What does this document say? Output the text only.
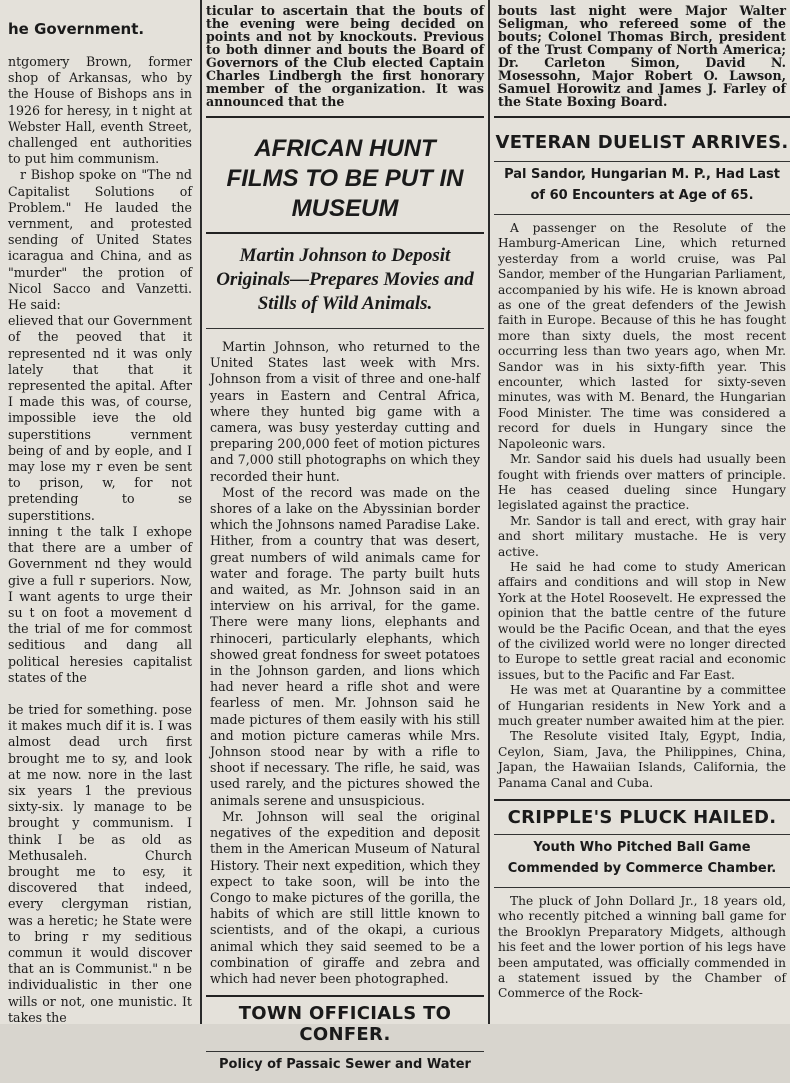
he Government.

ntgomery Brown, former shop of Arkansas, who by the House of Bishops ans in 1926 for heresy, in t night at Webster Hall, eventh Street, challenged ent authorities to put him communism.

r Bishop spoke on "The nd Capitalist Solutions of Problem." He lauded the vernment, and protested sending of United States icaragua and China, and as "murder" the protion of Nicol Sacco and Vanzetti. He said:

elieved that our Government of the peoved that it represented nd it was only lately that that it represented the apital. After I made this was, of course, impossible ieve the old superstitions vernment being of and by eople, and I may lose my r even be sent to prison, w, for not pretending to se superstitions.

inning t the talk I exhope that there are a umber of Government nd they would give a full r superiors. Now, I want agents to urge their su t on foot a movement d the trial of me for commost seditious and dang all political heresies capitalist states of the

be tried for something. pose it makes much dif it is. I was almost dead urch first brought me to sy, and look at me now. nore in the last six years 1 the previous sixty-six. ly manage to be brought y communism. I think I be as old as Methusaleh. Church brought me to esy, it discovered that indeed, every clergyman ristian, was a heretic; he State were to bring r my seditious commun it would discover that an is Communist." n be individualistic in ther one wills or not, one munistic. It takes the

ticular to ascertain that the bouts of the evening were being decided on points and not by knockouts. Previous to both dinner and bouts the Board of Governors of the Club elected Captain Charles Lindbergh the first honorary member of the organization. It was announced that the
AFRICAN HUNT FILMS TO BE PUT IN MUSEUM
Martin Johnson to Deposit Originals—Prepares Movies and Stills of Wild Animals.

Martin Johnson, who returned to the United States last week with Mrs. Johnson from a visit of three and one-half years in Eastern and Central Africa, where they hunted big game with a camera, was busy yesterday cutting and preparing 200,000 feet of motion pictures and 7,000 still photographs on which they recorded their hunt.

Most of the record was made on the shores of a lake on the Abyssinian border which the Johnsons named Paradise Lake. Hither, from a country that was desert, great numbers of wild animals came for water and forage. The party built huts and waited, as Mr. Johnson said in an interview on his arrival, for the game. There were many lions, elephants and rhinoceri, particularly elephants, which showed great fondness for sweet potatoes in the Johnson garden, and lions which had never heard a rifle shot and were fearless of men. Mr. Johnson said he made pictures of them easily with his still and motion picture cameras while Mrs. Johnson stood near by with a rifle to shoot if necessary. The rifle, he said, was used rarely, and the pictures showed the animals serene and unsuspicious.

Mr. Johnson will seal the original negatives of the expedition and deposit them in the American Museum of Natural History. Their next expedition, which they expect to take soon, will be into the Congo to make pictures of the gorilla, the habits of which are still little known to scientists, and of the okapi, a curious animal which they said seemed to be a combination of giraffe and zebra and which had never been photographed.

TOWN OFFICIALS TO CONFER.
Policy of Passaic Sewer and Water
bouts last night were Major Walter Seligman, who refereed some of the bouts; Colonel Thomas Birch, president of the Trust Company of North America; Dr. Carleton Simon, David N. Mosessohn, Major Robert O. Lawson, Samuel Horowitz and James J. Farley of the State Boxing Board.
VETERAN DUELIST ARRIVES.
Pal Sandor, Hungarian M. P., Had Last of 60 Encounters at Age of 65.

A passenger on the Resolute of the Hamburg-American Line, which returned yesterday from a world cruise, was Pal Sandor, member of the Hungarian Parliament, accompanied by his wife. He is known abroad as one of the great defenders of the Jewish faith in Europe. Because of this he has fought more than sixty duels, the most recent occurring less than two years ago, when Mr. Sandor was in his sixty-fifth year. This encounter, which lasted for sixty-seven minutes, was with M. Benard, the Hungarian Food Minister. The time was considered a record for duels in Hungary since the Napoleonic wars.

Mr. Sandor said his duels had usually been fought with friends over matters of principle. He has ceased dueling since Hungary legislated against the practice.

Mr. Sandor is tall and erect, with gray hair and short military mustache. He is very active.

He said he had come to study American affairs and conditions and will stop in New York at the Hotel Roosevelt. He expressed the opinion that the battle centre of the future would be the Pacific Ocean, and that the eyes of the civilized world were no longer directed to Europe to settle great racial and economic issues, but to the Pacific and Far East.

He was met at Quarantine by a committee of Hungarian residents in New York and a much greater number awaited him at the pier.

The Resolute visited Italy, Egypt, India, Ceylon, Siam, Java, the Philippines, China, Japan, the Hawaiian Islands, California, the Panama Canal and Cuba.

CRIPPLE'S PLUCK HAILED.
Youth Who Pitched Ball Game Commended by Commerce Chamber.

The pluck of John Dollard Jr., 18 years old, who recently pitched a winning ball game for the Brooklyn Preparatory Midgets, although his feet and the lower portion of his legs have been amputated, was officially commended in a statement issued by the Chamber of Commerce of the Rock-
